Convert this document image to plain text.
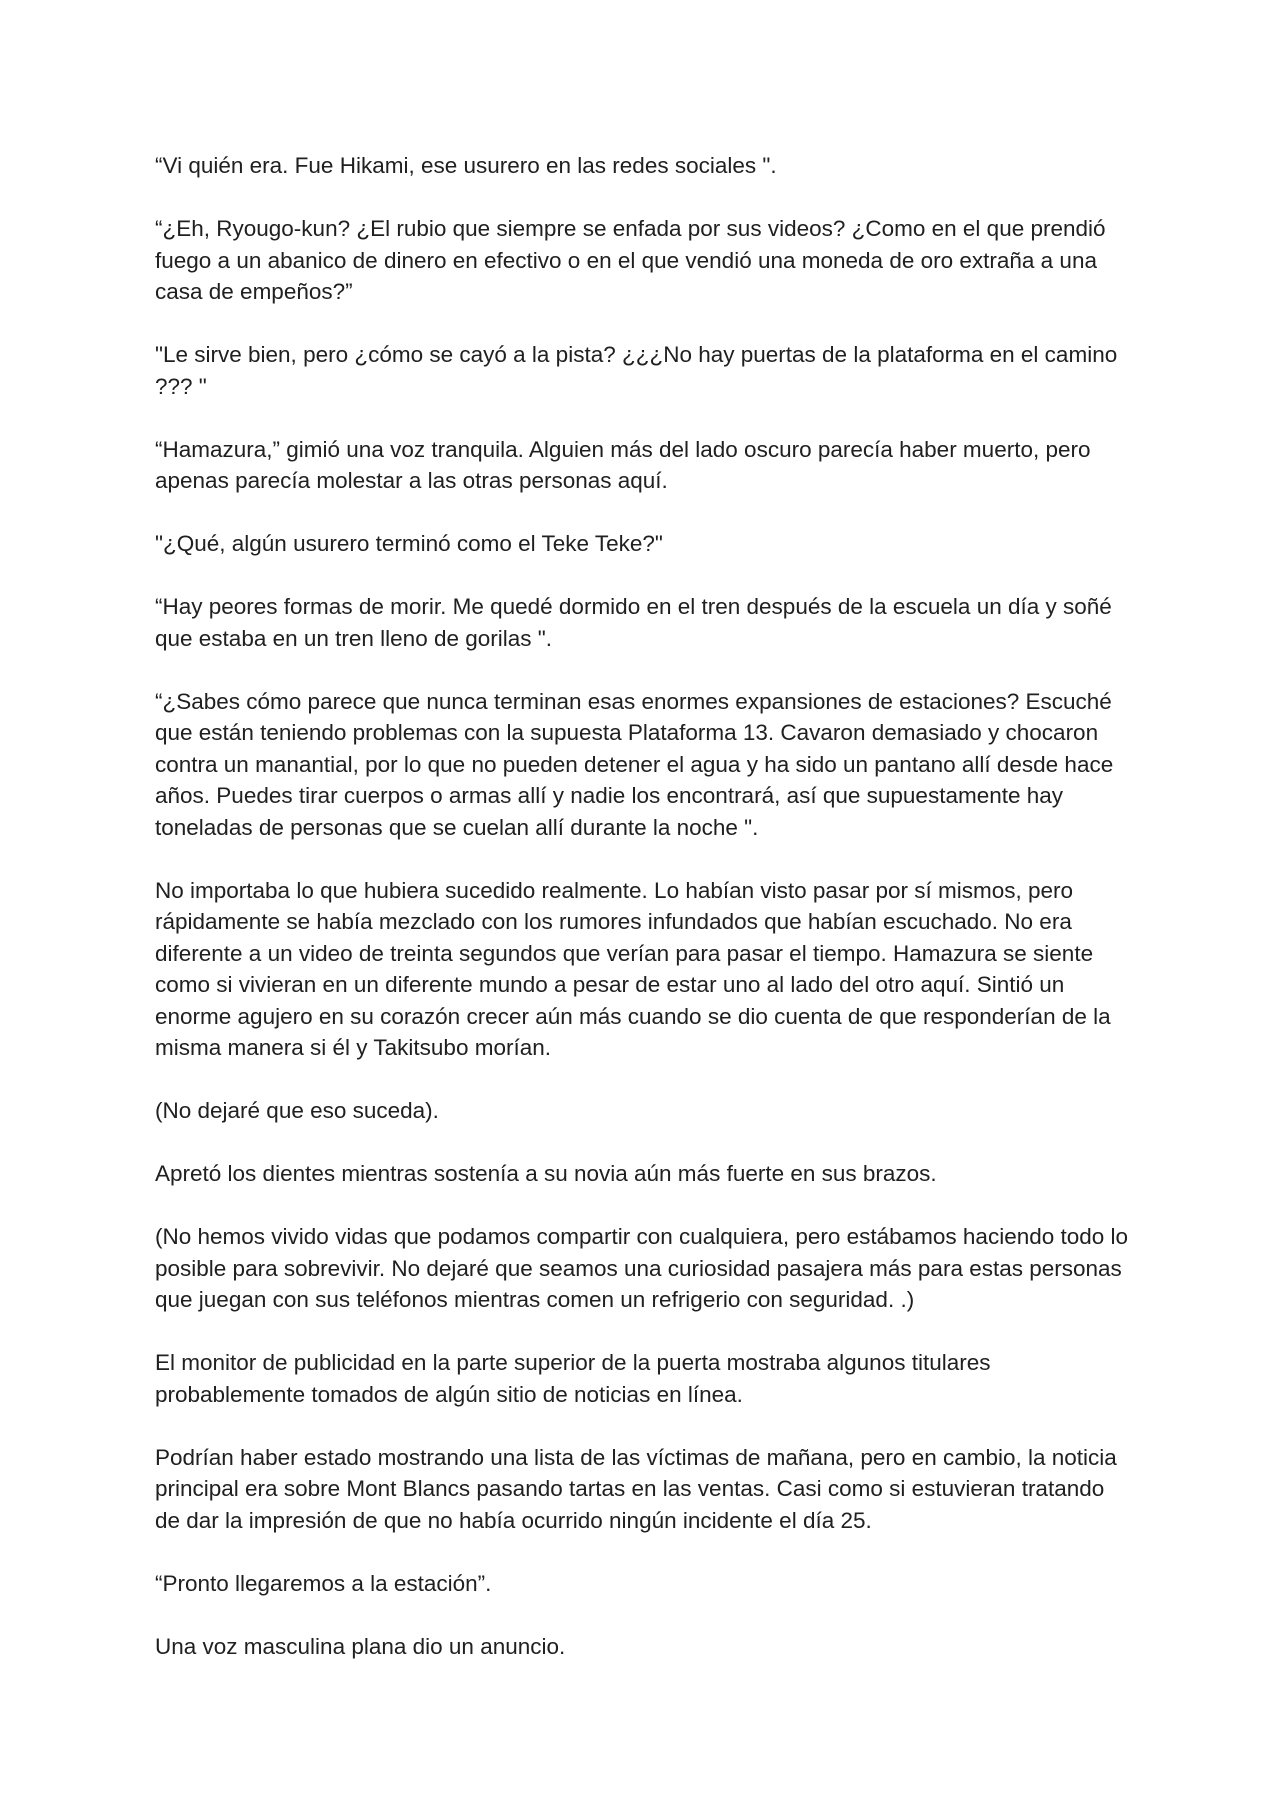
“Vi quién era. Fue Hikami, ese usurero en las redes sociales ".

“¿Eh, Ryougo-kun? ¿El rubio que siempre se enfada por sus videos? ¿Como en el que prendió fuego a un abanico de dinero en efectivo o en el que vendió una moneda de oro extraña a una casa de empeños?”

"Le sirve bien, pero ¿cómo se cayó a la pista? ¿¿¿No hay puertas de la plataforma en el camino ??? "

“Hamazura,” gimió una voz tranquila. Alguien más del lado oscuro parecía haber muerto, pero apenas parecía molestar a las otras personas aquí.

"¿Qué, algún usurero terminó como el Teke Teke?"

“Hay peores formas de morir. Me quedé dormido en el tren después de la escuela un día y soñé que estaba en un tren lleno de gorilas ".

“¿Sabes cómo parece que nunca terminan esas enormes expansiones de estaciones? Escuché que están teniendo problemas con la supuesta Plataforma 13. Cavaron demasiado y chocaron contra un manantial, por lo que no pueden detener el agua y ha sido un pantano allí desde hace años. Puedes tirar cuerpos o armas allí y nadie los encontrará, así que supuestamente hay toneladas de personas que se cuelan allí durante la noche ".

No importaba lo que hubiera sucedido realmente. Lo habían visto pasar por sí mismos, pero rápidamente se había mezclado con los rumores infundados que habían escuchado. No era diferente a un video de treinta segundos que verían para pasar el tiempo. Hamazura se siente como si vivieran en un diferente mundo a pesar de estar uno al lado del otro aquí. Sintió un enorme agujero en su corazón crecer aún más cuando se dio cuenta de que responderían de la misma manera si él y Takitsubo morían.

(No dejaré que eso suceda).

Apretó los dientes mientras sostenía a su novia aún más fuerte en sus brazos.

(No hemos vivido vidas que podamos compartir con cualquiera, pero estábamos haciendo todo lo posible para sobrevivir. No dejaré que seamos una curiosidad pasajera más para estas personas que juegan con sus teléfonos mientras comen un refrigerio con seguridad. .)

El monitor de publicidad en la parte superior de la puerta mostraba algunos titulares probablemente tomados de algún sitio de noticias en línea.

Podrían haber estado mostrando una lista de las víctimas de mañana, pero en cambio, la noticia principal era sobre Mont Blancs pasando tartas en las ventas. Casi como si estuvieran tratando de dar la impresión de que no había ocurrido ningún incidente el día 25.

“Pronto llegaremos a la estación”.

Una voz masculina plana dio un anuncio.
